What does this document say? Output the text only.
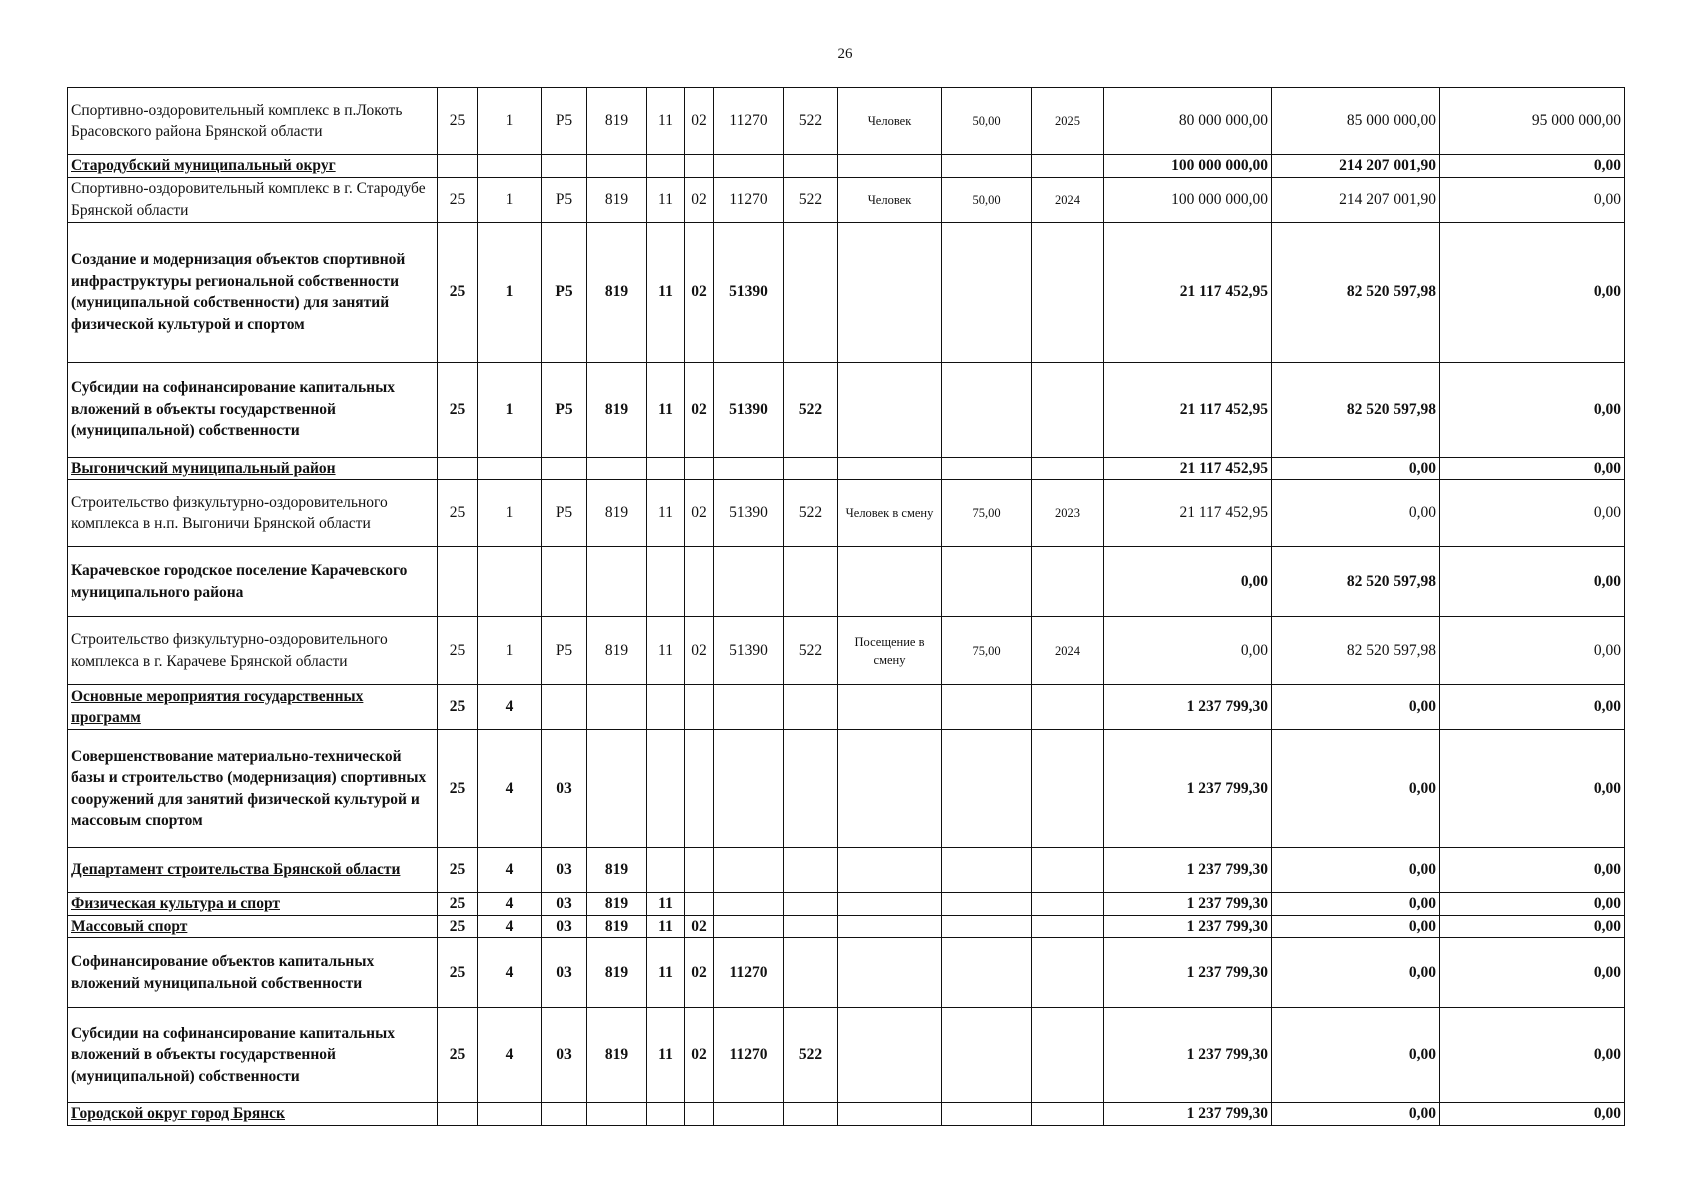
26
Спортивно-оздоровительный комплекс в п.Локоть Брасовского района Брянской области	25	1	P5	819	11	02	11270	522	Человек	50,00	2025	80 000 000,00	85 000 000,00	95 000 000,00
Стародубский муниципальный округ												100 000 000,00	214 207 001,90	0,00
Спортивно-оздоровительный комплекс в г. Стародубе Брянской области	25	1	P5	819	11	02	11270	522	Человек	50,00	2024	100 000 000,00	214 207 001,90	0,00
Создание и модернизация объектов спортивной инфраструктуры региональной собственности (муниципальной собственности) для занятий физической культурой и спортом	25	1	P5	819	11	02	51390					21 117 452,95	82 520 597,98	0,00
Субсидии на софинансирование капитальных вложений в объекты государственной (муниципальной) собственности	25	1	P5	819	11	02	51390	522				21 117 452,95	82 520 597,98	0,00
Выгоничский муниципальный район												21 117 452,95	0,00	0,00
Строительство физкультурно-оздоровительного комплекса в н.п. Выгоничи Брянской области	25	1	P5	819	11	02	51390	522	Человек в смену	75,00	2023	21 117 452,95	0,00	0,00
Карачевское городское поселение Карачевского муниципального района												0,00	82 520 597,98	0,00
Строительство физкультурно-оздоровительного комплекса в г. Карачеве Брянской области	25	1	P5	819	11	02	51390	522	Посещение в смену	75,00	2024	0,00	82 520 597,98	0,00
Основные мероприятия государственных программ	25	4										1 237 799,30	0,00	0,00
Совершенствование материально-технической базы и строительство (модернизация) спортивных сооружений для занятий физической культурой и массовым спортом	25	4	03									1 237 799,30	0,00	0,00
Департамент строительства Брянской области	25	4	03	819								1 237 799,30	0,00	0,00
Физическая культура и спорт	25	4	03	819	11							1 237 799,30	0,00	0,00
Массовый спорт	25	4	03	819	11	02						1 237 799,30	0,00	0,00
Софинансирование объектов капитальных вложений муниципальной собственности	25	4	03	819	11	02	11270					1 237 799,30	0,00	0,00
Субсидии на софинансирование капитальных вложений в объекты государственной (муниципальной) собственности	25	4	03	819	11	02	11270	522				1 237 799,30	0,00	0,00
Городской округ город Брянск												1 237 799,30	0,00	0,00
